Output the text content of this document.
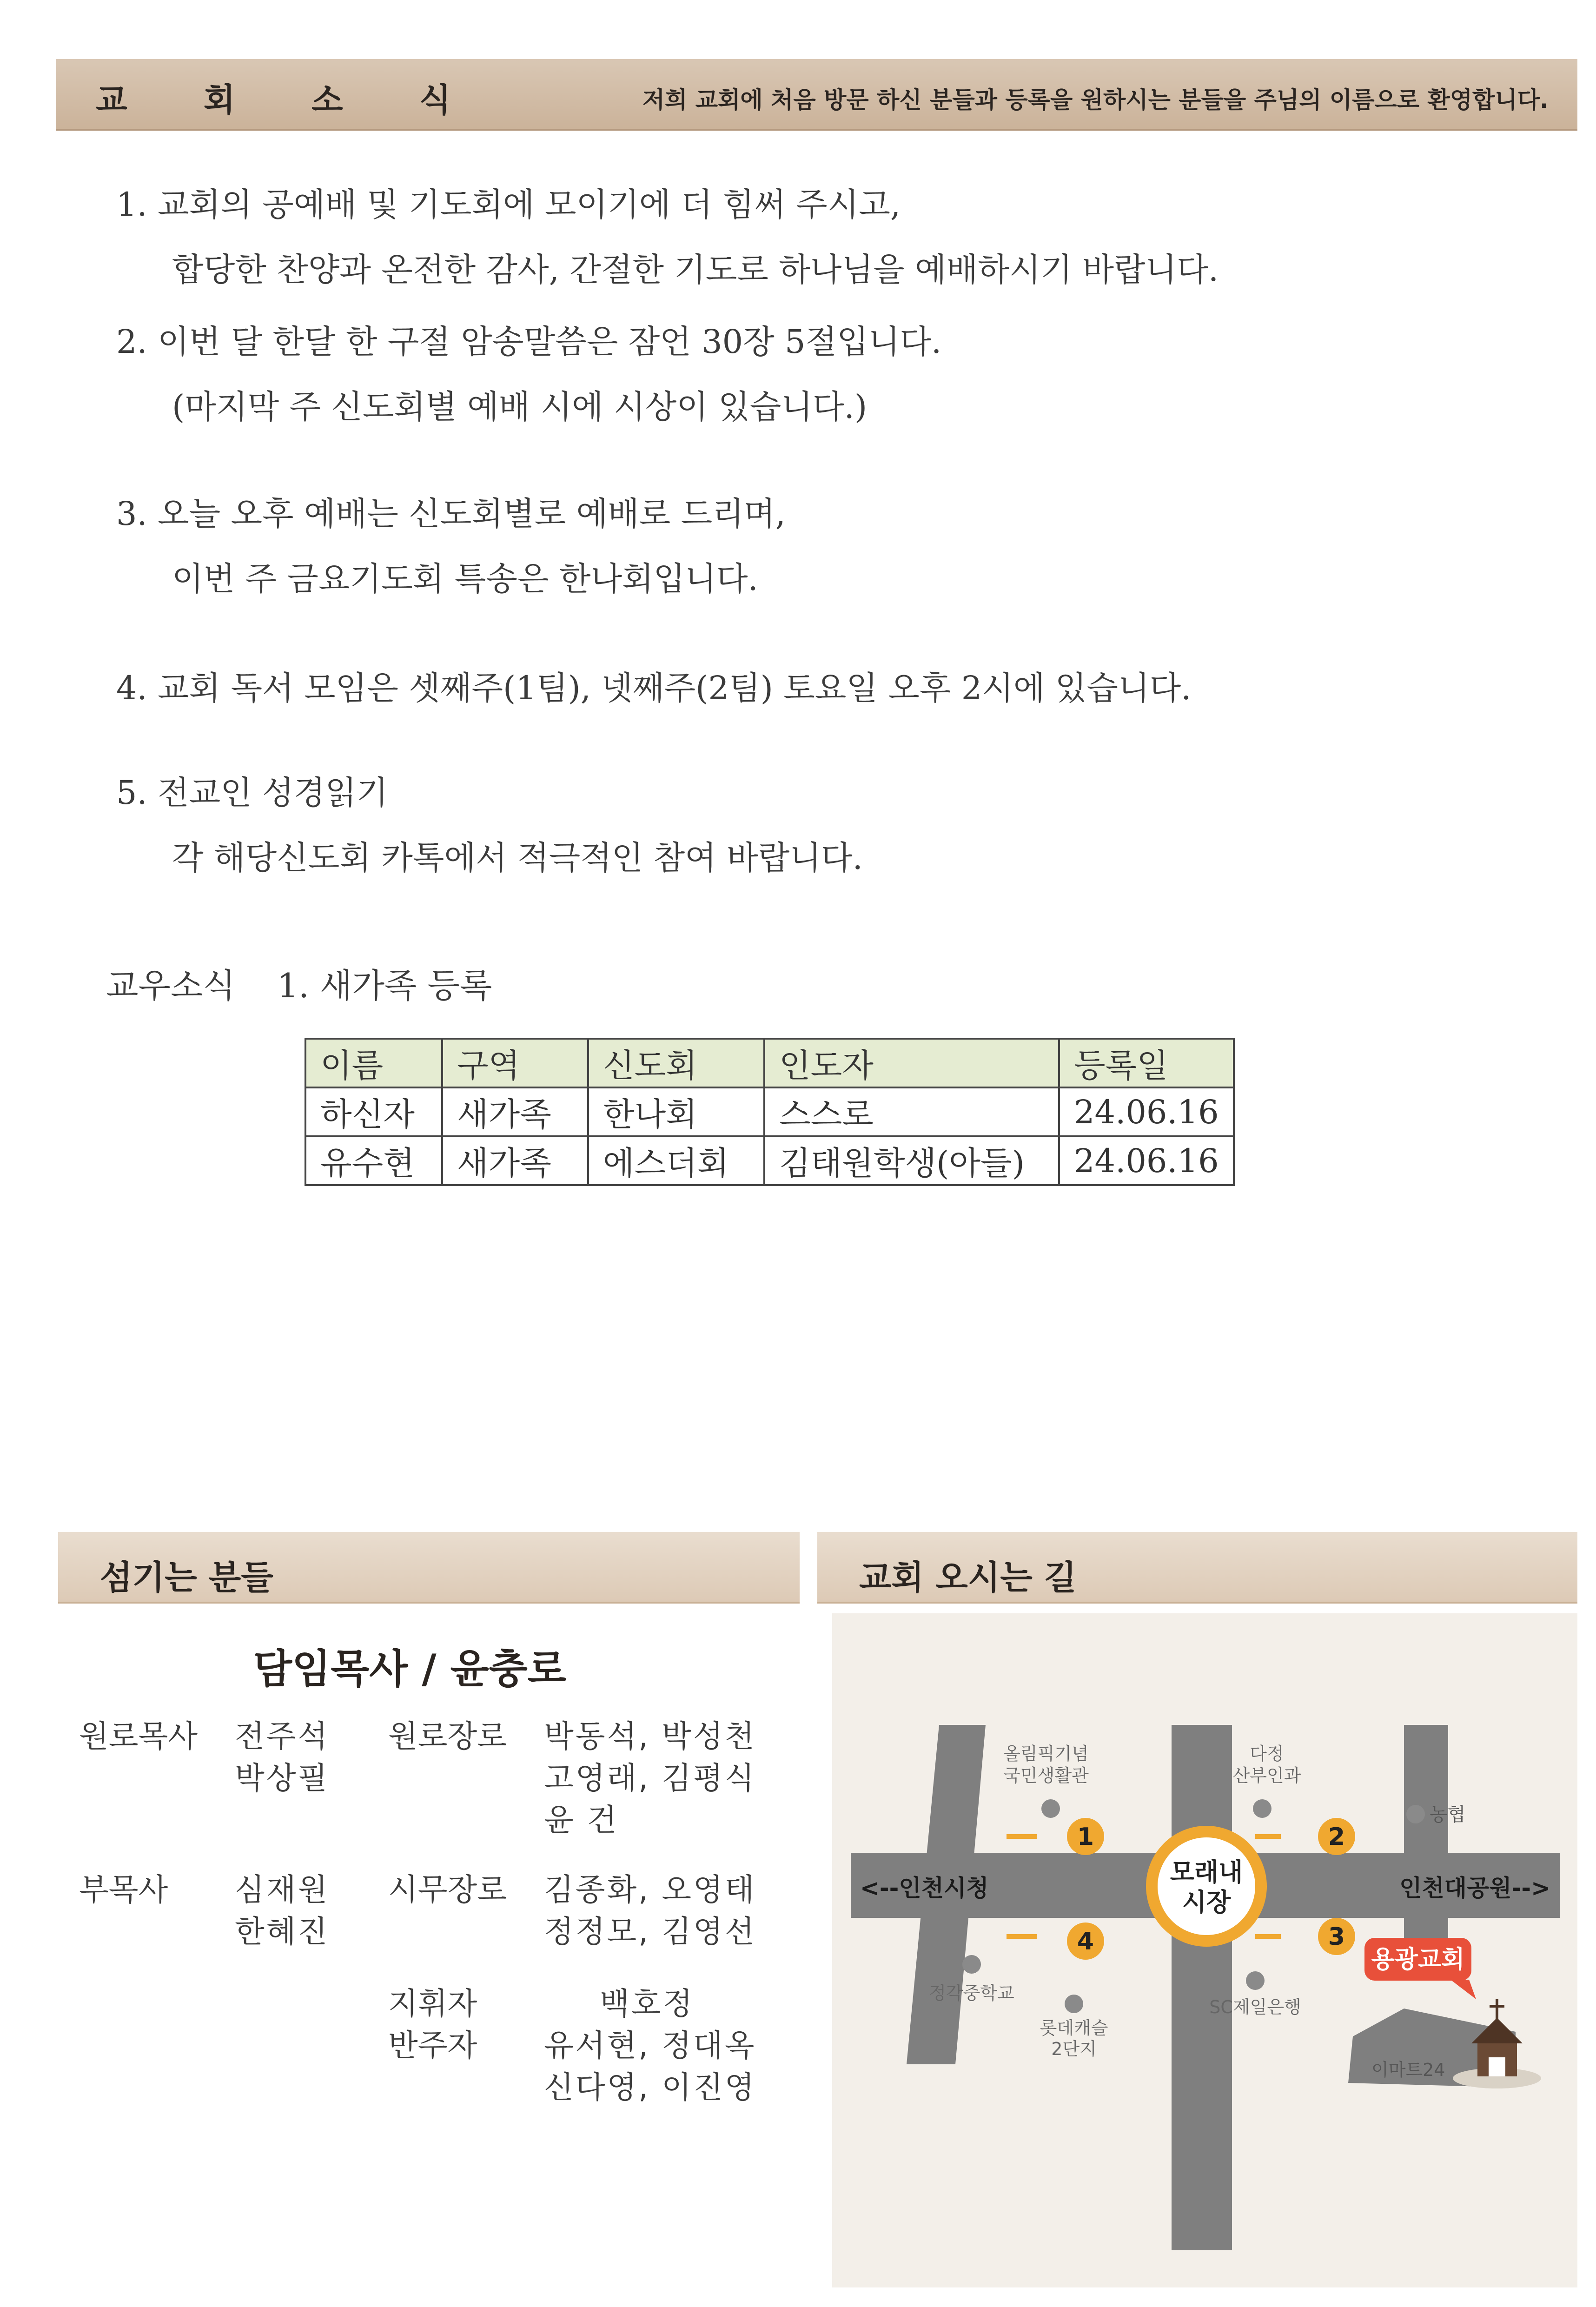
교 회 소 식	저희 교회에 처음 방문 하신 분들과 등록을 원하시는 분들을 주님의 이름으로 환영합니다.
1. 교회의 공예배 및 기도회에 모이기에 더 힘써 주시고,
합당한 찬양과 온전한 감사, 간절한 기도로 하나님을 예배하시기 바랍니다.
2. 이번 달 한달 한 구절 암송말씀은 잠언 30장 5절입니다.
(마지막 주 신도회별 예배 시에 시상이 있습니다.)
3. 오늘 오후 예배는 신도회별로 예배로 드리며,
이번 주 금요기도회 특송은 한나회입니다.
4. 교회 독서 모임은 셋째주(1팀), 넷째주(2팀) 토요일 오후 2시에 있습니다.
5. 전교인 성경읽기
각 해당신도회 카톡에서 적극적인 참여 바랍니다.
교우소식 1. 새가족 등록
이름	구역	신도회	인도자	등록일
하신자	새가족	한나회	스스로	24.06.16
유수현	새가족	에스더회	김태원학생(아들)	24.06.16
섬기는 분들	교회 오시는 길
담임목사 / 윤충로
원로목사 전주석
박상필
원로장로 박동석, 박성천
고영래, 김평식
윤 건
부목사 심재원
한혜진
시무장로 김종화, 오영태
정정모, 김영선
지휘자	백호정
반주자 유서현, 정대옥
신다영, 이진영
모래내
시장
1	2
3
4
<--인천시청	인천대공원-->
올림픽기념
국민생활관
다정
산부인과
농협
정각중학교
롯데캐슬
2단지
SC제일은행
이마트24
용광교회
